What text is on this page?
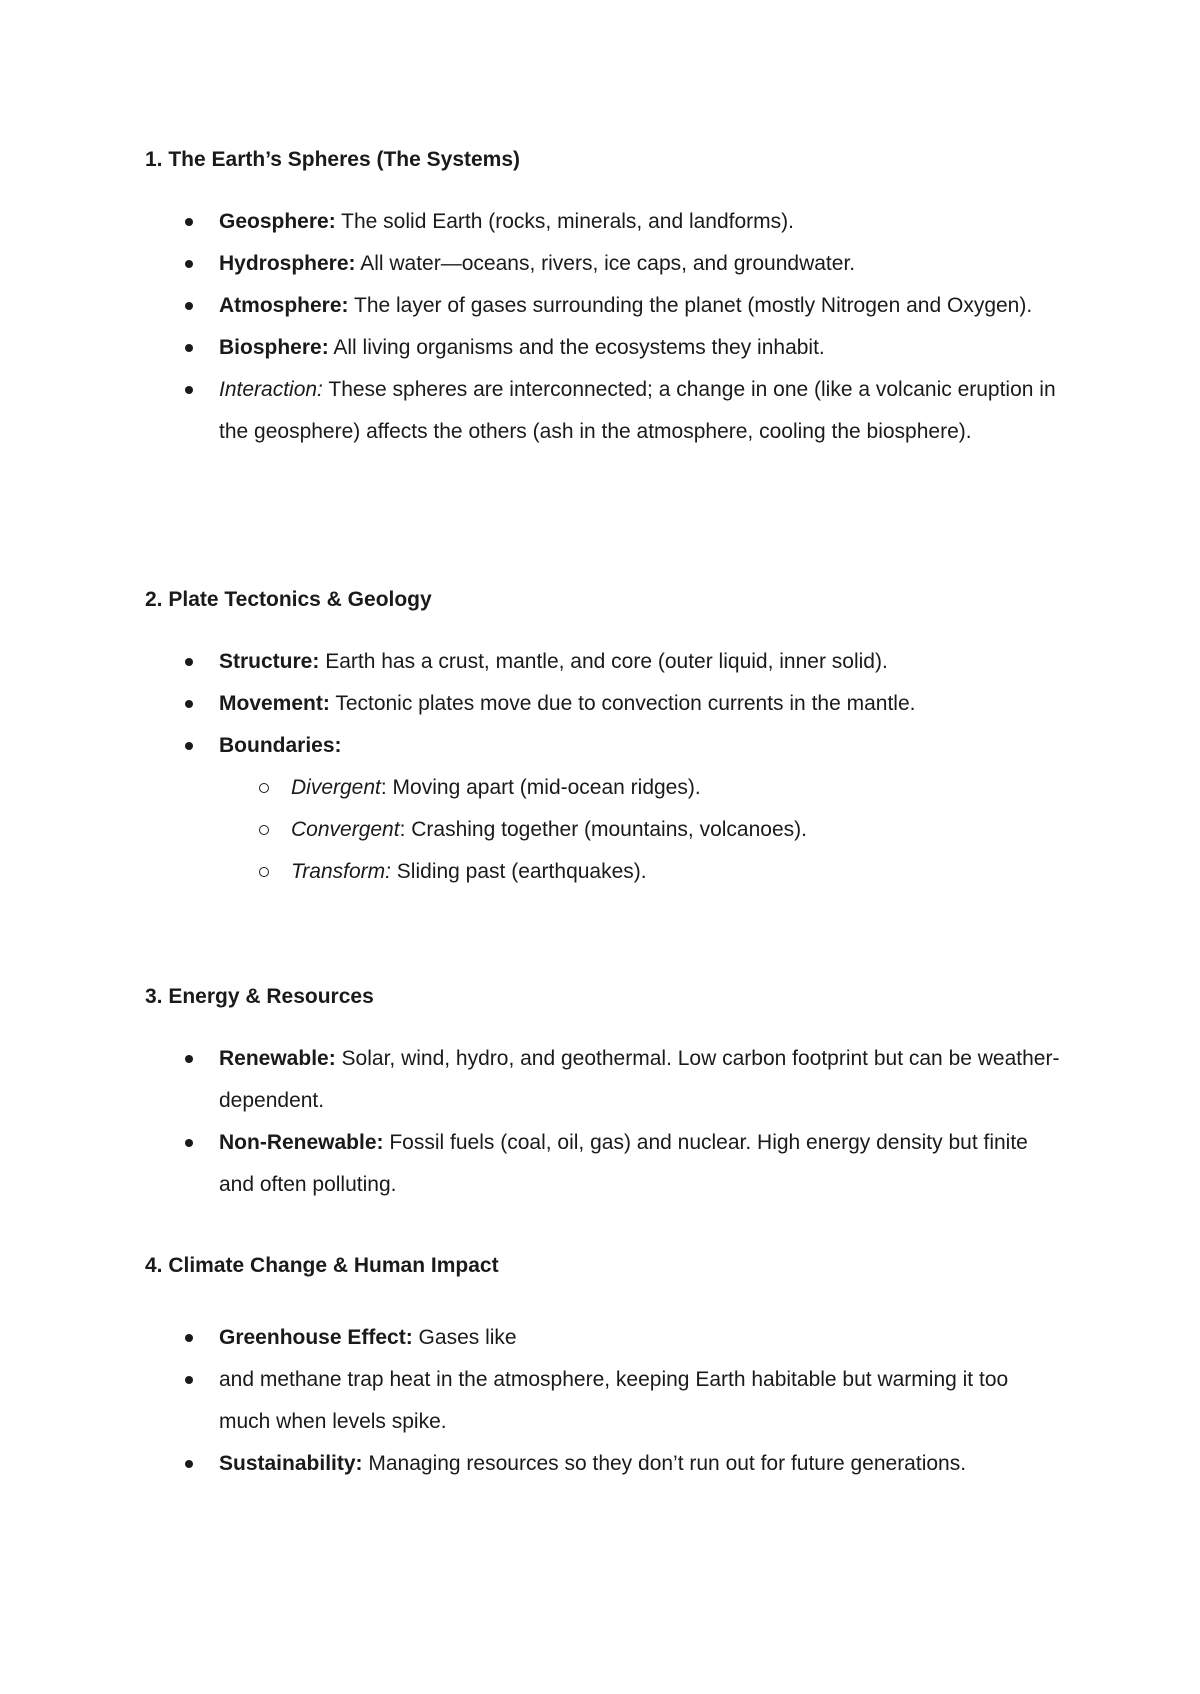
1. The Earth’s Spheres (The Systems)
Geosphere: The solid Earth (rocks, minerals, and landforms).
Hydrosphere: All water—oceans, rivers, ice caps, and groundwater.
Atmosphere: The layer of gases surrounding the planet (mostly Nitrogen and Oxygen).
Biosphere: All living organisms and the ecosystems they inhabit.
Interaction: These spheres are interconnected; a change in one (like a volcanic eruption in the geosphere) affects the others (ash in the atmosphere, cooling the biosphere).
2. Plate Tectonics & Geology
Structure: Earth has a crust, mantle, and core (outer liquid, inner solid).
Movement: Tectonic plates move due to convection currents in the mantle.
Boundaries:
Divergent: Moving apart (mid-ocean ridges).
Convergent: Crashing together (mountains, volcanoes).
Transform: Sliding past (earthquakes).
3. Energy & Resources
Renewable: Solar, wind, hydro, and geothermal. Low carbon footprint but can be weather-dependent.
Non-Renewable: Fossil fuels (coal, oil, gas) and nuclear. High energy density but finite and often polluting.
4. Climate Change & Human Impact
Greenhouse Effect: Gases like
and methane trap heat in the atmosphere, keeping Earth habitable but warming it too much when levels spike.
Sustainability: Managing resources so they don’t run out for future generations.
